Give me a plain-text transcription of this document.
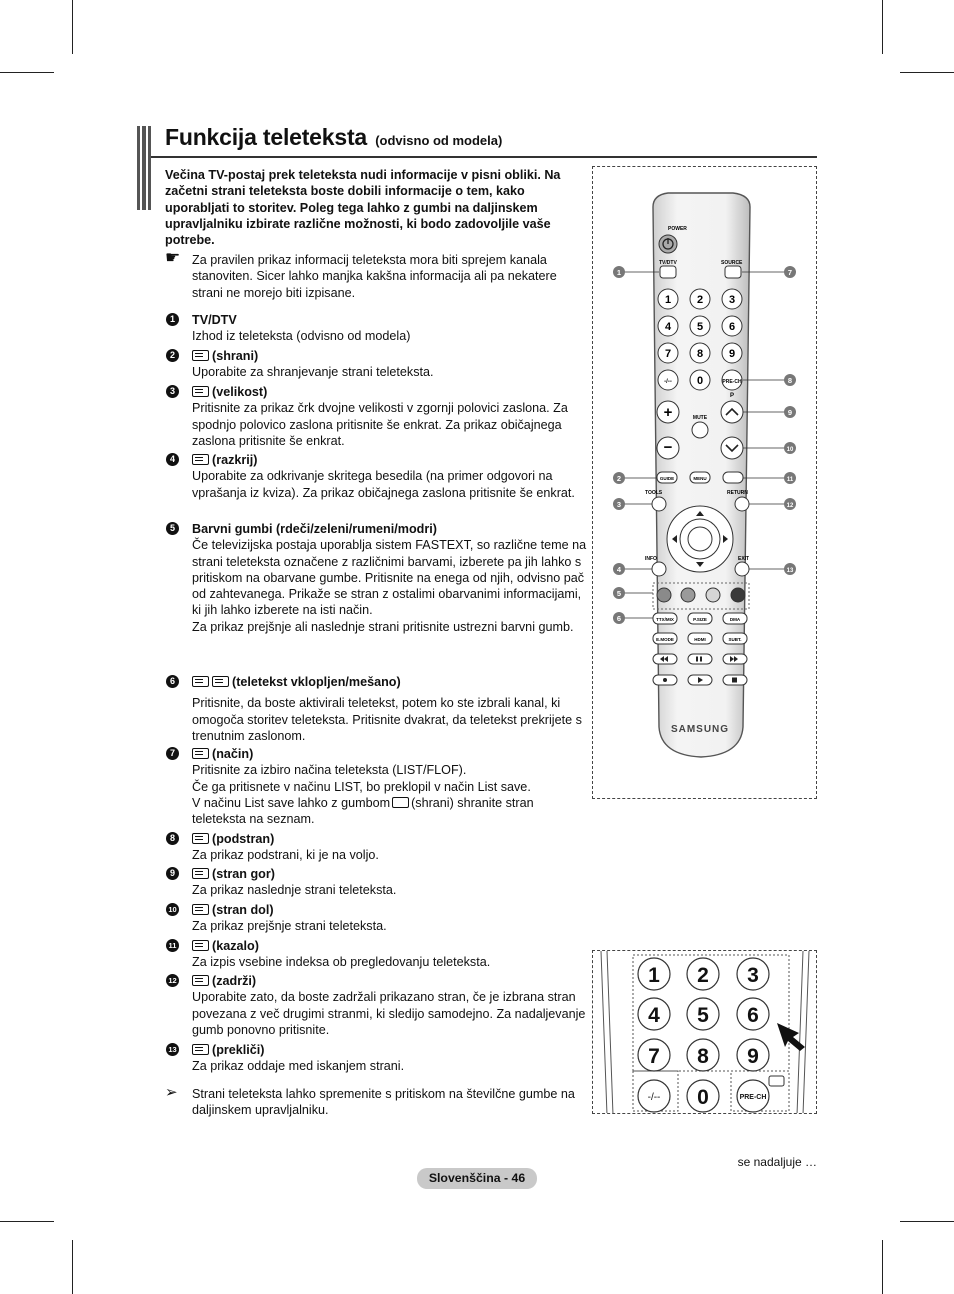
Funkcija teleteksta (odvisno od modela)

Večina TV-postaj prek teleteksta nudi informacije v pisni obliki. Na začetni strani teleteksta boste dobili informacije o tem, kako uporabljati to storitev. Poleg tega lahko z gumbi na daljinskem upravljalniku izbirate različne možnosti, ki bodo zadovoljile vaše potrebe.

☛ Za pravilen prikaz informacij teleteksta mora biti sprejem kanala stanoviten. Sicer lahko manjka kakšna informacija ali pa nekatere strani ne morejo biti izpisane.
1	TV/DTV
Izhod iz teleteksta (odvisno od modela)
2	(shrani)
Uporabite za shranjevanje strani teleteksta.
3	(velikost)
Pritisnite za prikaz črk dvojne velikosti v zgornji polovici zaslona. Za spodnjo polovico zaslona pritisnite še enkrat. Za prikaz običajnega zaslona pritisnite še enkrat.
4	(razkrij)
Uporabite za odkrivanje skritega besedila (na primer odgovori na vprašanja iz kviza). Za prikaz običajnega zaslona pritisnite še enkrat.
5	Barvni gumbi (rdeči/zeleni/rumeni/modri)
Če televizijska postaja uporablja sistem FASTEXT, so različne teme na strani teleteksta označene z različnimi barvami, izberete pa jih lahko s pritiskom na obarvane gumbe. Pritisnite na enega od njih, odvisno pač od zahtevanega. Prikaže se stran z ostalimi obarvanimi informacijami, ki jih lahko izberete na isti način.
Za prikaz prejšnje ali naslednje strani pritisnite ustrezni barvni gumb.
6	(teletekst vklopljen/mešano)
Pritisnite, da boste aktivirali teletekst, potem ko ste izbrali kanal, ki omogoča storitev teleteksta. Pritisnite dvakrat, da teletekst prekrijete s trenutnim zaslonom.
7	(način)
Pritisnite za izbiro načina teleteksta (LIST/FLOF).
Če ga pritisnete v načinu LIST, bo preklopil v način List save.
V načinu List save lahko z gumbom (shrani) shranite stran teleteksta na seznam.
8	(podstran)
Za prikaz podstrani, ki je na voljo.
9	(stran gor)
Za prikaz naslednje strani teleteksta.
10	(stran dol)
Za prikaz prejšnje strani teleteksta.
11	(kazalo)
Za izpis vsebine indeksa ob pregledovanju teleteksta.
12	(zadrži)
Uporabite zato, da boste zadržali prikazano stran, če je izbrana stran povezana z več drugimi stranmi, ki sledijo samodejno. Za nadaljevanje gumb ponovno pritisnite.
13	(prekliči)
Za prikaz oddaje med iskanjem strani.
➢ Strani teleteksta lahko spremenite s pritiskom na številčne gumbe na daljinskem upravljalniku.
se nadaljuje …
Slovenščina - 46
POWER
TV/DTV	SOURCE
1 2 3
4 5 6
7 8 9
-/-- 0	PRE-CH
+
−
MUTE
P
GUIDE	MENU
TOOLS	RETURN
INFO	EXIT
TTX/MIX	P.SIZE	DMA
E.MODE	HDMI	SUBT.
SAMSUNG
1	7
8
9
10
2	11
3	12
4	13
5
6
1 2 3
4 5 6
7 8 9
-/-- 0	PRE-CH
